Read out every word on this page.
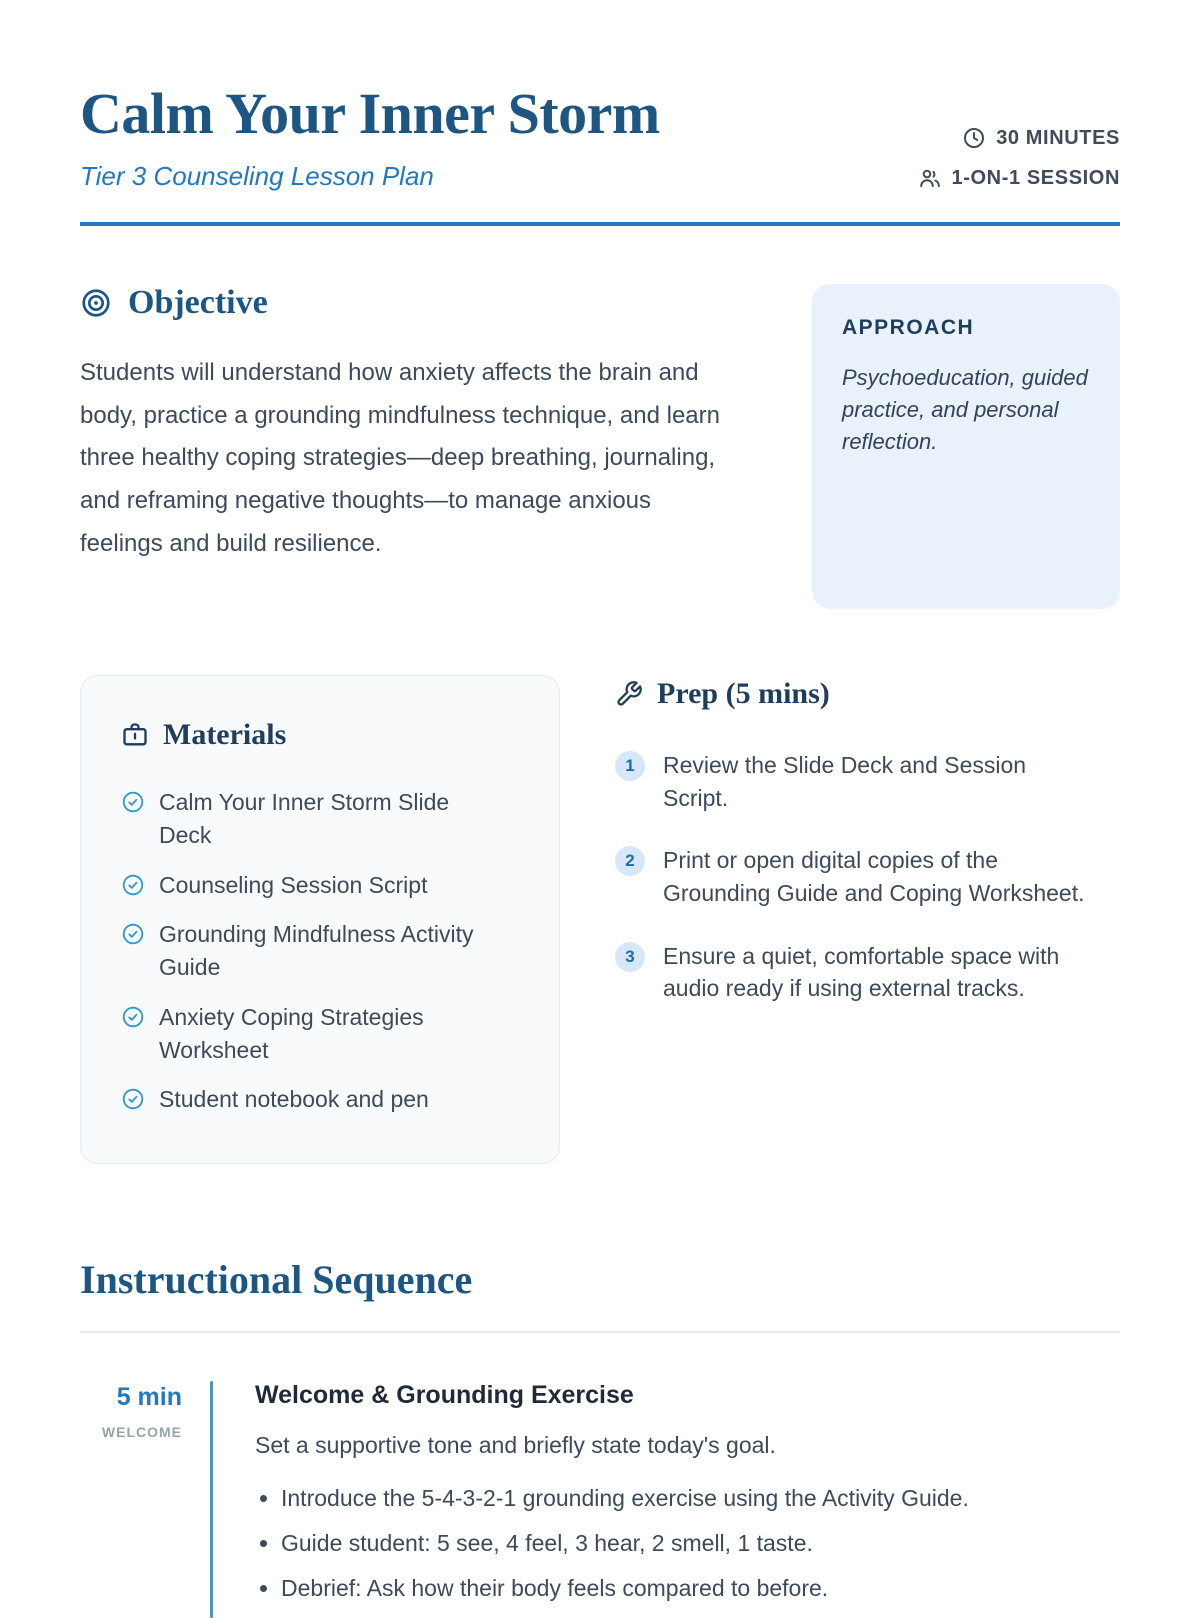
Calm Your Inner Storm
Tier 3 Counseling Lesson Plan
30 MINUTES
1-ON-1 SESSION
Objective

Students will understand how anxiety affects the brain and body, practice a grounding mindfulness technique, and learn three healthy coping strategies—deep breathing, journaling, and reframing negative thoughts—to manage anxious feelings and build resilience.

APPROACH

Psychoeducation, guided practice, and personal reflection.

Materials
Calm Your Inner Storm Slide Deck
Counseling Session Script
Grounding Mindfulness Activity Guide
Anxiety Coping Strategies Worksheet
Student notebook and pen
Prep (5 mins)
1	Review the Slide Deck and Session Script.

2	Print or open digital copies of the Grounding Guide and Coping Worksheet.

3	Ensure a quiet, comfortable space with audio ready if using external tracks.

Instructional Sequence
5 min
WELCOME
Welcome & Grounding Exercise

Set a supportive tone and briefly state today's goal.

• Introduce the 5-4-3-2-1 grounding exercise using the Activity Guide.
• Guide student: 5 see, 4 feel, 3 hear, 2 smell, 1 taste.
• Debrief: Ask how their body feels compared to before.
